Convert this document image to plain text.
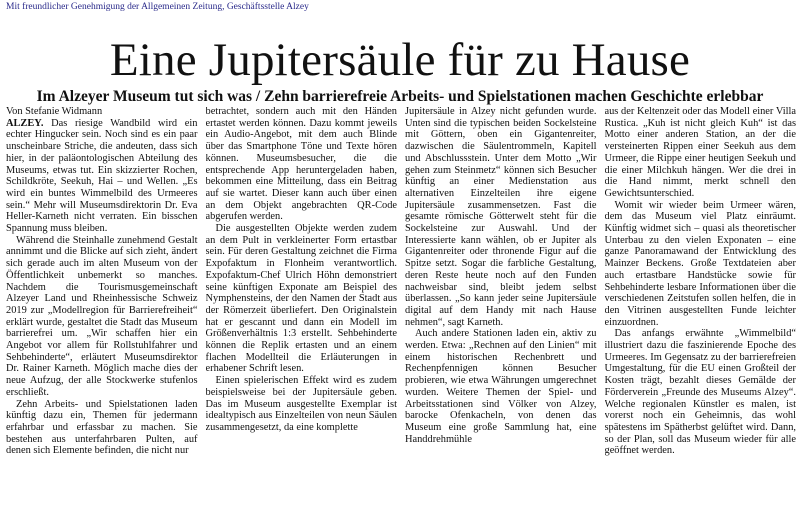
Mit freundlicher Genehmigung der Allgemeinen Zeitung, Geschäftsstelle Alzey
Eine Jupitersäule für zu Hause
Im Alzeyer Museum tut sich was / Zehn barrierefreie Arbeits- und Spielstationen machen Geschichte erlebbar

Von Stefanie Widmann
ALZEY. Das riesige Wandbild wird ein echter Hingucker sein. Noch sind es ein paar unscheinbare Striche, die andeuten, dass sich hier, in der paläontologischen Abteilung des Museums, etwas tut. Ein skizzierter Rochen, Schildkröte, Seekuh, Hai – und Wellen. „Es wird ein buntes Wimmelbild des Urmeeres sein.“ Mehr will Museumsdirektorin Dr. Eva Heller-Karneth nicht verraten. Ein bisschen Spannung muss bleiben.

Während die Steinhalle zunehmend Gestalt annimmt und die Blicke auf sich zieht, ändert sich gerade auch im alten Museum von der Öffentlichkeit unbemerkt so manches. Nachdem die Tourismusgemeinschaft Alzeyer Land und Rheinhessische Schweiz 2019 zur „Modellregion für Barrierefreiheit“ erklärt wurde, gestaltet die Stadt das Museum barrierefrei um. „Wir schaffen hier ein Angebot vor allem für Rollstuhlfahrer und Sehbehinderte“, erläutert Museumsdirektor Dr. Rainer Karneth. Möglich mache dies der neue Aufzug, der alle Stockwerke stufenlos erschließt.

Zehn Arbeits- und Spielstationen laden künftig dazu ein, Themen für jedermann erfahrbar und erfassbar zu machen. Sie bestehen aus unterfahrbaren Pulten, auf denen sich Elemente befinden, die nicht nur

betrachtet, sondern auch mit den Händen ertastet werden können. Dazu kommt jeweils ein Audio-Angebot, mit dem auch Blinde über das Smartphone Töne und Texte hören können. Museumsbesucher, die die entsprechende App heruntergeladen haben, bekommen eine Mitteilung, dass ein Beitrag auf sie wartet. Dieser kann auch über einen an dem Objekt angebrachten QR-Code abgerufen werden.

Die ausgestellten Objekte werden zudem an dem Pult in verkleinerter Form ertastbar sein. Für deren Gestaltung zeichnet die Firma Expofaktum in Flonheim verantwortlich. Expofaktum-Chef Ulrich Höhn demonstriert seine künftigen Exponate am Beispiel des Nymphensteins, der den Namen der Stadt aus der Römerzeit überliefert. Den Originalstein hat er gescannt und dann ein Modell im Größenverhältnis 1:3 erstellt. Sehbehinderte können die Replik ertasten und an einem flachen Modellteil die Erläuterungen in erhabener Schrift lesen.

Einen spielerischen Effekt wird es zudem beispielsweise bei der Jupitersäule geben. Das im Museum ausgestellte Exemplar ist idealtypisch aus Einzelteilen von neun Säulen zusammengesetzt, da eine komplette

Jupitersäule in Alzey nicht gefunden wurde. Unten sind die typischen beiden Sockelsteine mit Göttern, oben ein Gigantenreiter, dazwischen die Säulentrommeln, Kapitell und Abschlussstein. Unter dem Motto „Wir gehen zum Steinmetz“ können sich Besucher künftig an einer Medienstation aus alternativen Einzelteilen ihre eigene Jupitersäule zusammensetzen. Fast die gesamte römische Götterwelt steht für die Sockelsteine zur Auswahl. Und der Interessierte kann wählen, ob er Jupiter als Gigantenreiter oder thronende Figur auf die Spitze setzt. Sogar die farbliche Gestaltung, deren Reste heute noch auf den Funden nachweisbar sind, bleibt jedem selbst überlassen. „So kann jeder seine Jupitersäule digital auf dem Handy mit nach Hause nehmen“, sagt Karneth.

Auch andere Stationen laden ein, aktiv zu werden. Etwa: „Rechnen auf den Linien“ mit einem historischen Rechenbrett und Rechenpfennigen können Besucher probieren, wie etwa Währungen umgerechnet wurden. Weitere Themen der Spiel- und Arbeitsstationen sind Völker von Alzey, barocke Ofenkacheln, von denen das Museum eine große Sammlung hat, eine Handdrehmühle

aus der Keltenzeit oder das Modell einer Villa Rustica. „Kuh ist nicht gleich Kuh“ ist das Motto einer anderen Station, an der die versteinerten Rippen einer Seekuh aus dem Urmeer, die Rippe einer heutigen Seekuh und die einer Milchkuh hängen. Wer die drei in die Hand nimmt, merkt schnell den Gewichtsunterschied.

Womit wir wieder beim Urmeer wären, dem das Museum viel Platz einräumt. Künftig widmet sich – quasi als theoretischer Unterbau zu den vielen Exponaten – eine ganze Panoramawand der Entwicklung des Mainzer Beckens. Große Textdateien aber auch ertastbare Handstücke sowie für Sehbehinderte lesbare Informationen über die verschiedenen Zeitstufen sollen helfen, die in den Vitrinen ausgestellten Funde leichter einzuordnen.

Das anfangs erwähnte „Wimmelbild“ illustriert dazu die faszinierende Epoche des Urmeeres. Im Gegensatz zu der barrierefreien Umgestaltung, für die EU einen Großteil der Kosten trägt, bezahlt dieses Gemälde der Förderverein „Freunde des Museums Alzey“. Welche regionalen Künstler es malen, ist vorerst noch ein Geheimnis, das wohl spätestens im Spätherbst gelüftet wird. Dann, so der Plan, soll das Museum wieder für alle geöffnet werden.
